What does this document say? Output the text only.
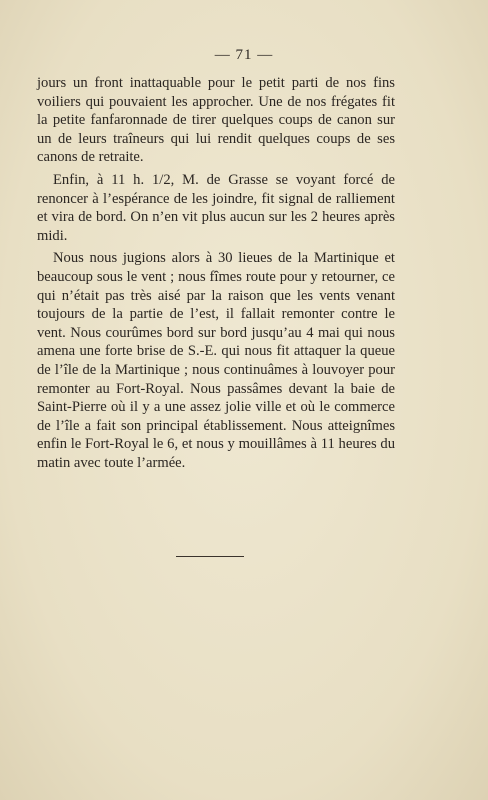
— 71 —

jours un front inattaquable pour le petit parti de nos fins voiliers qui pouvaient les approcher. Une de nos frégates fit la petite fanfaronnade de tirer quelques coups de canon sur un de leurs traîneurs qui lui rendit quelques coups de ses canons de retraite.

Enfin, à 11 h. 1/2, M. de Grasse se voyant forcé de renoncer à l’espérance de les joindre, fit signal de ralliement et vira de bord. On n’en vit plus aucun sur les 2 heures après midi.

Nous nous jugions alors à 30 lieues de la Martinique et beaucoup sous le vent ; nous fîmes route pour y retourner, ce qui n’était pas très aisé par la raison que les vents venant toujours de la partie de l’est, il fallait remonter contre le vent. Nous courûmes bord sur bord jusqu’au 4 mai qui nous amena une forte brise de S.-E. qui nous fit attaquer la queue de l’île de la Martinique ; nous continuâmes à louvoyer pour remonter au Fort-Royal. Nous passâmes devant la baie de Saint-Pierre où il y a une assez jolie ville et où le commerce de l’île a fait son principal établissement. Nous atteignîmes enfin le Fort-Royal le 6, et nous y mouillâmes à 11 heures du matin avec toute l’armée.
